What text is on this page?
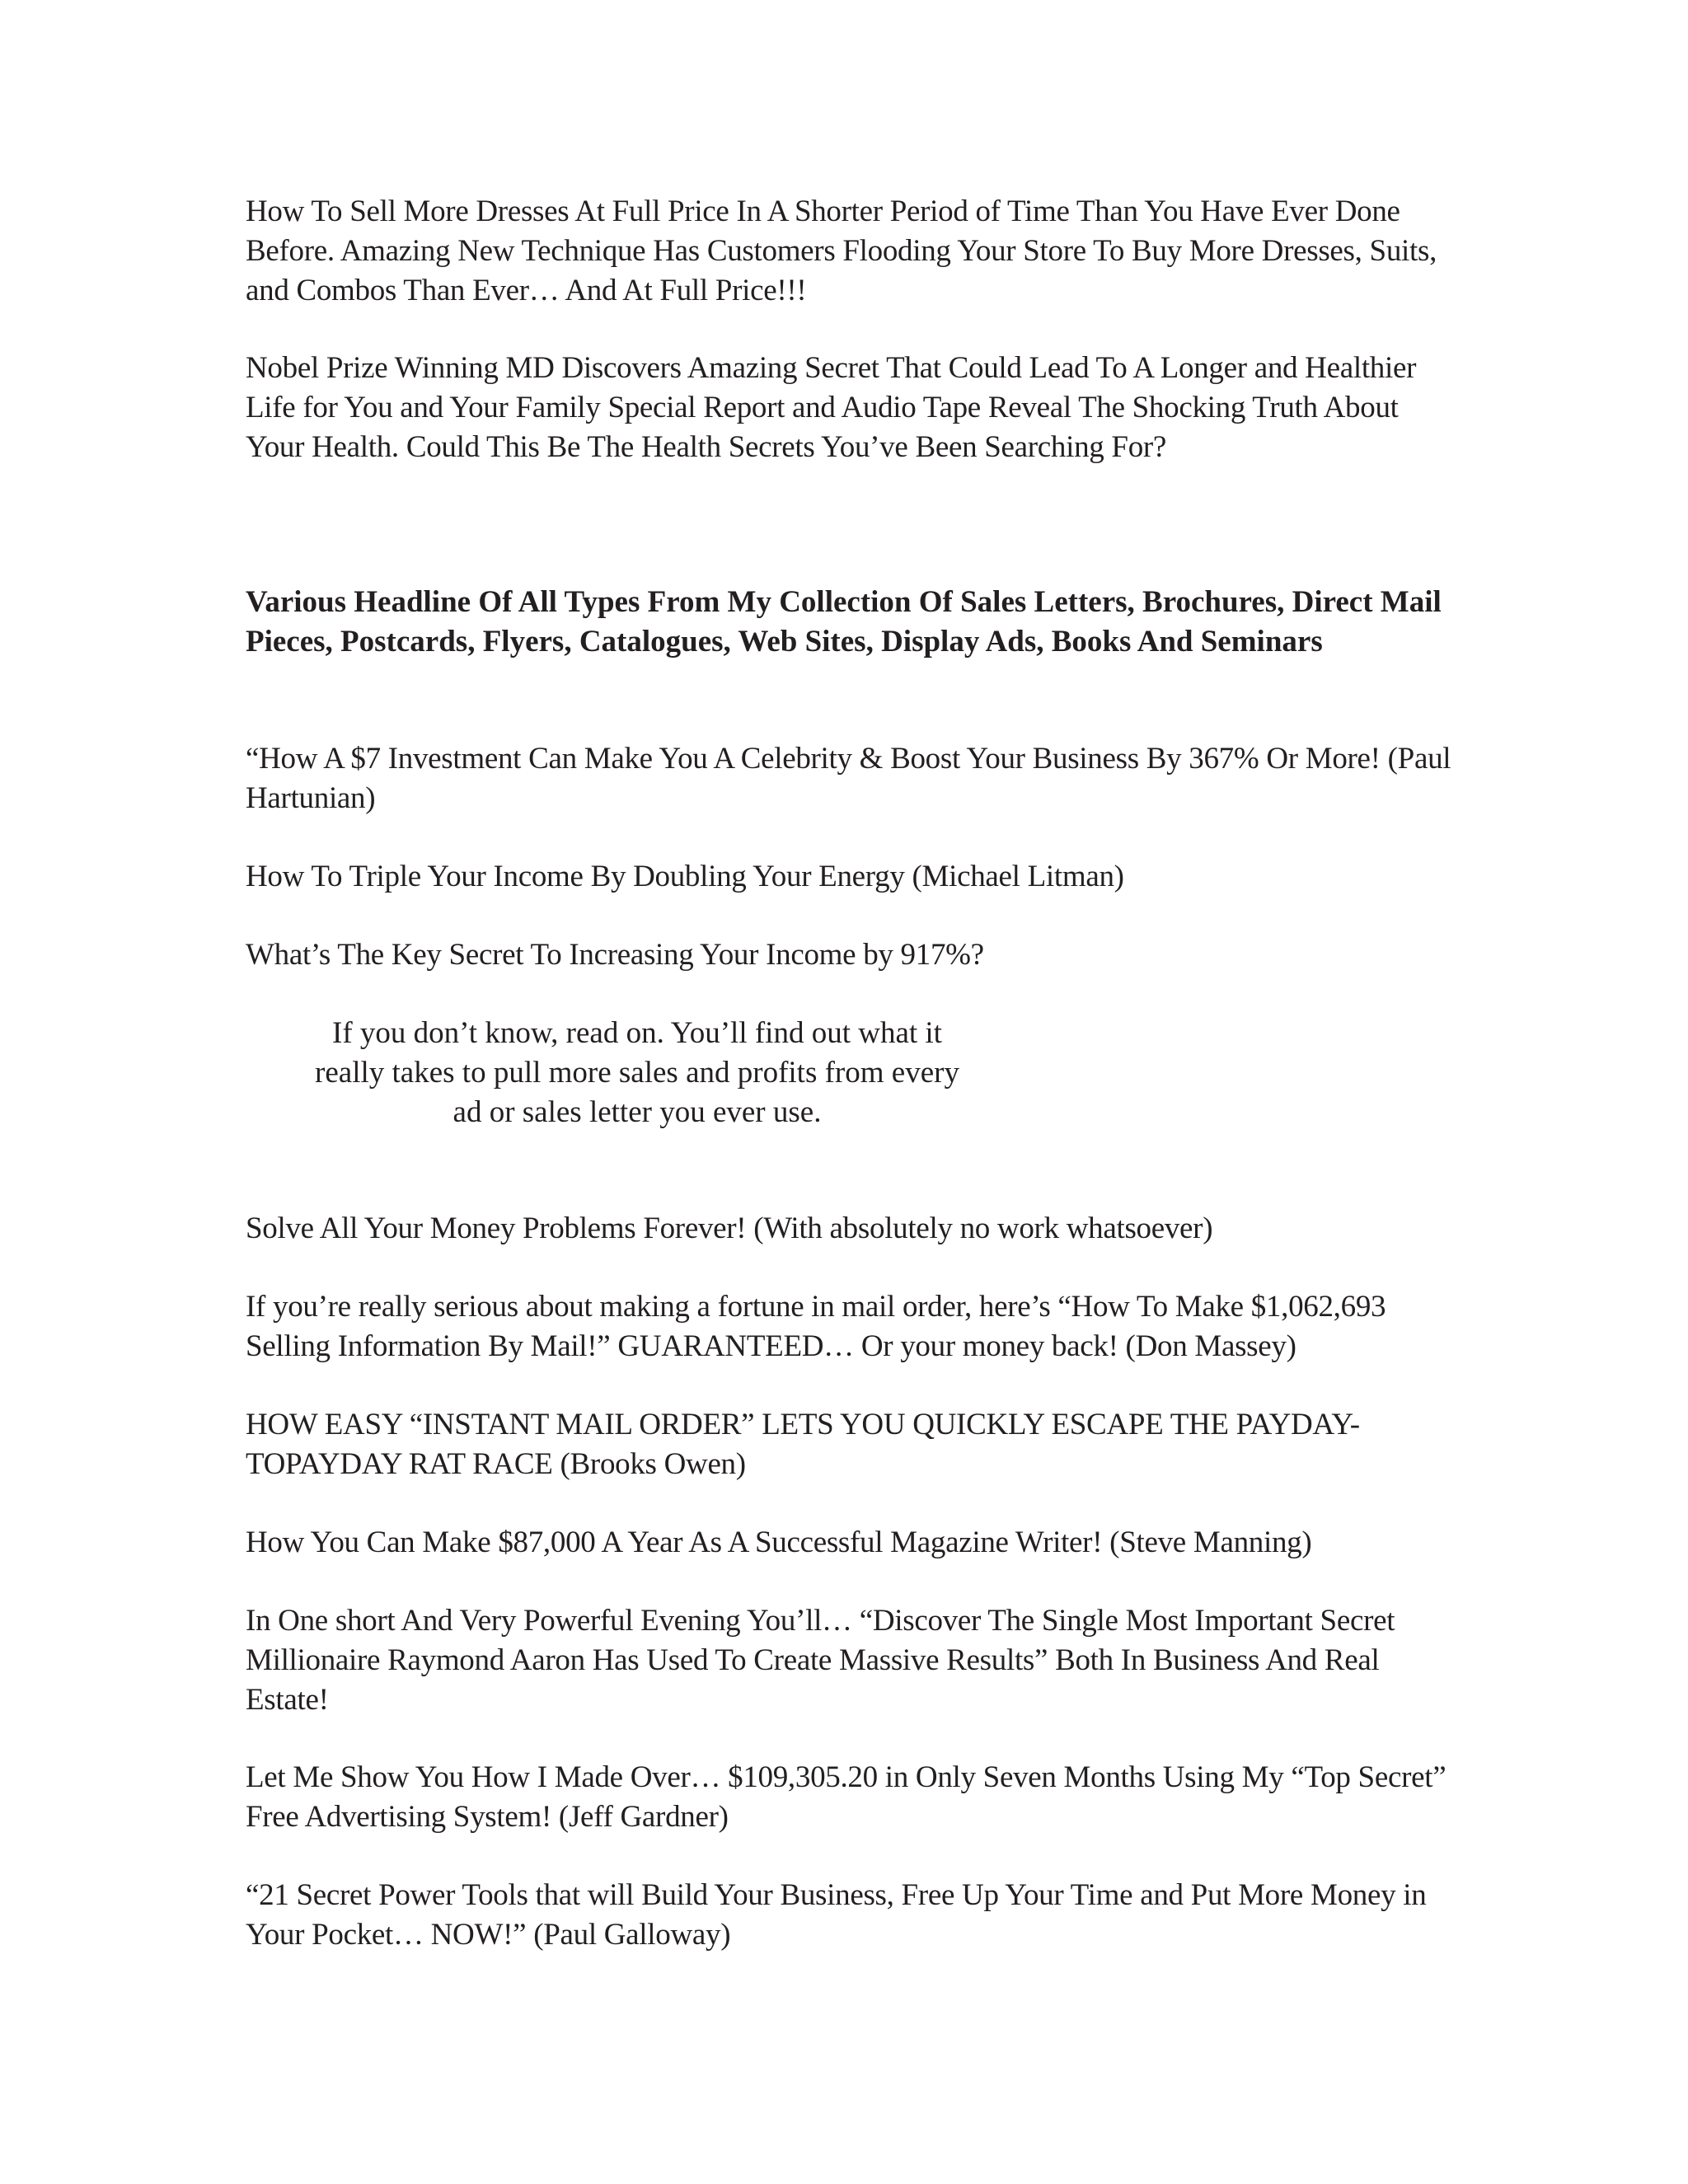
How To Sell More Dresses At Full Price In A Shorter Period of Time Than You Have Ever Done Before. Amazing New Technique Has Customers Flooding Your Store To Buy More Dresses, Suits, and Combos Than Ever… And At Full Price!!!

Nobel Prize Winning MD Discovers Amazing Secret That Could Lead To A Longer and Healthier Life for You and Your Family Special Report and Audio Tape Reveal The Shocking Truth About Your Health. Could This Be The Health Secrets You’ve Been Searching For?

Various Headline Of All Types From My Collection Of Sales Letters, Brochures, Direct Mail Pieces, Postcards, Flyers, Catalogues, Web Sites, Display Ads, Books And Seminars

“How A $7 Investment Can Make You A Celebrity & Boost Your Business By 367% Or More! (Paul Hartunian)

How To Triple Your Income By Doubling Your Energy (Michael Litman)

What’s The Key Secret To Increasing Your Income by 917%?

If you don’t know, read on. You’ll find out what it really takes to pull more sales and profits from every ad or sales letter you ever use.

Solve All Your Money Problems Forever! (With absolutely no work whatsoever)

If you’re really serious about making a fortune in mail order, here’s “How To Make $1,062,693 Selling Information By Mail!” GUARANTEED… Or your money back! (Don Massey)

HOW EASY “INSTANT MAIL ORDER” LETS YOU QUICKLY ESCAPE THE PAYDAY-TOPAYDAY RAT RACE (Brooks Owen)

How You Can Make $87,000 A Year As A Successful Magazine Writer! (Steve Manning)

In One short And Very Powerful Evening You’ll… “Discover The Single Most Important Secret Millionaire Raymond Aaron Has Used To Create Massive Results” Both In Business And Real Estate!

Let Me Show You How I Made Over… $109,305.20 in Only Seven Months Using My “Top Secret” Free Advertising System! (Jeff Gardner)

“21 Secret Power Tools that will Build Your Business, Free Up Your Time and Put More Money in Your Pocket… NOW!” (Paul Galloway)
